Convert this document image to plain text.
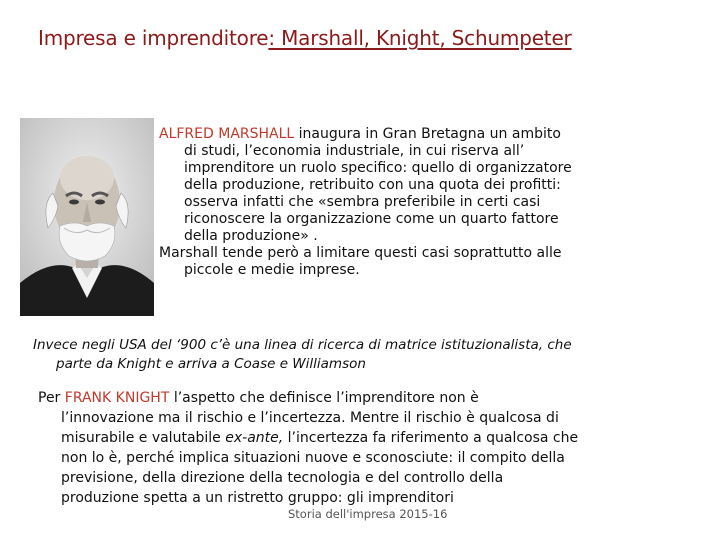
Impresa e imprenditore: Marshall, Knight, Schumpeter
ALFRED MARSHALL inaugura in Gran Bretagna un ambito
di studi, l’economia industriale, in cui riserva all’
imprenditore un ruolo specifico: quello di organizzatore
della produzione, retribuito con una quota dei profitti:
osserva infatti che «sembra preferibile in certi casi
riconoscere la organizzazione come un quarto fattore
della produzione» .
Marshall tende però a limitare questi casi soprattutto alle
piccole e medie imprese.
Invece negli USA del ‘900 c’è una linea di ricerca di matrice istituzionalista, che
parte da Knight e arriva a Coase e Williamson
Per FRANK KNIGHT l’aspetto che definisce l’imprenditore non è
l’innovazione ma il rischio e l’incertezza. Mentre il rischio è qualcosa di
misurabile e valutabile ex-ante, l’incertezza fa riferimento a qualcosa che
non lo è, perché implica situazioni nuove e sconosciute: il compito della
previsione, della direzione della tecnologia e del controllo della
produzione spetta a un ristretto gruppo: gli imprenditori
Storia dell'impresa 2015-16
